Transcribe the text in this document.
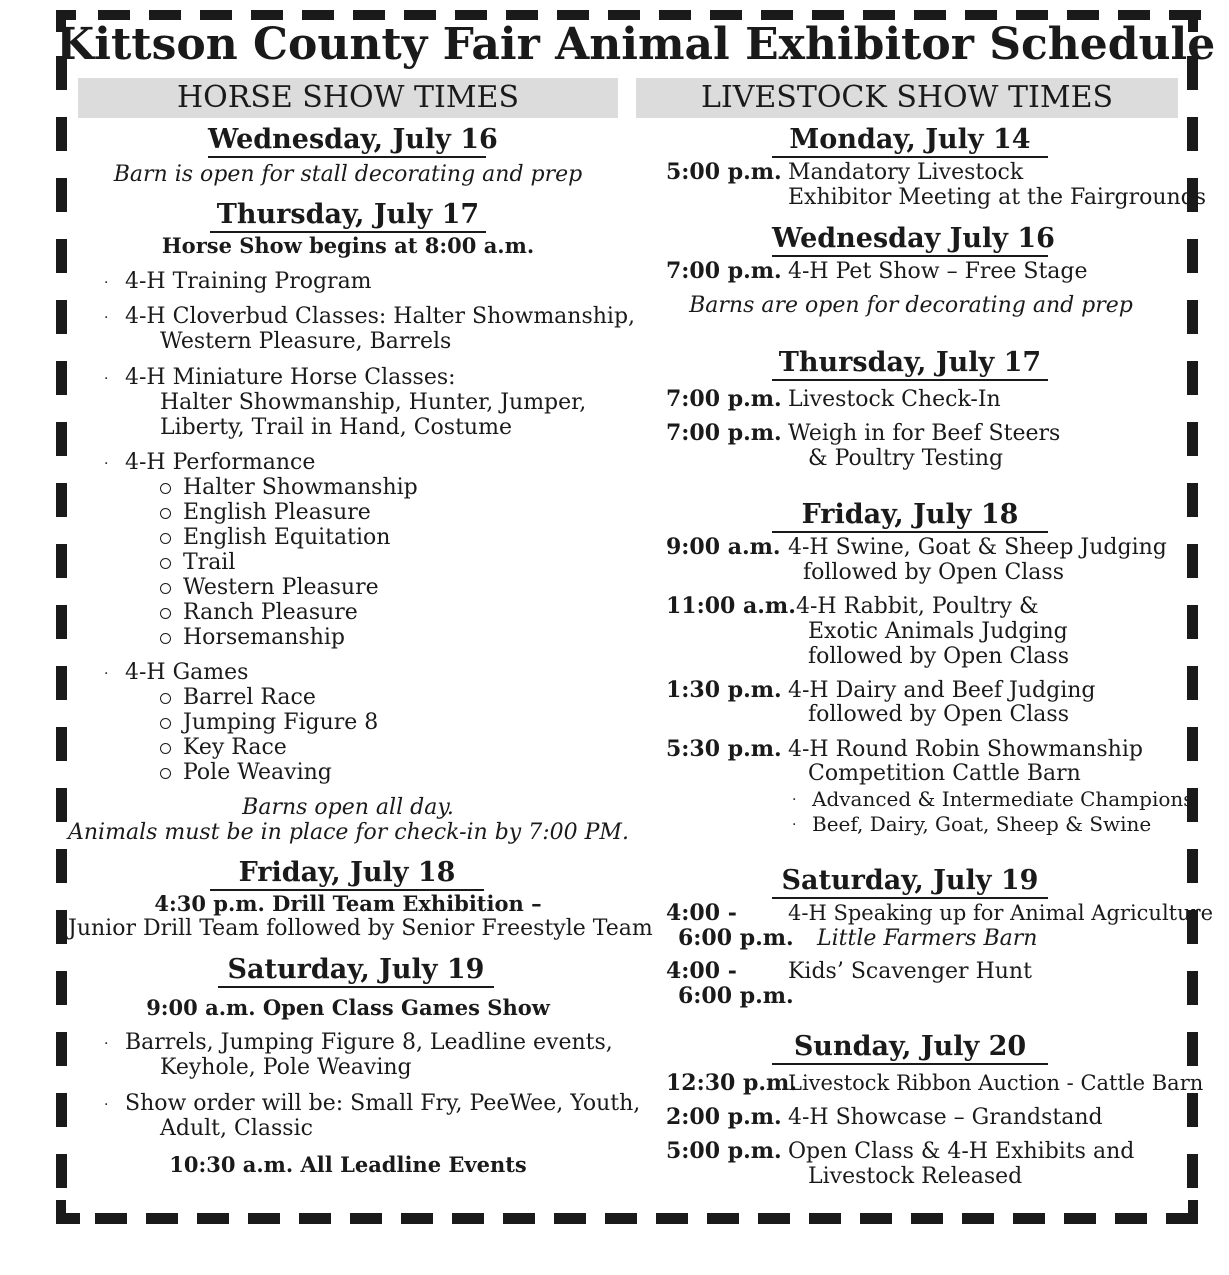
Kittson County Fair Animal Exhibitor Schedule
HORSE SHOW TIMES	LIVESTOCK SHOW TIMES
Wednesday, July 16
Barn is open for stall decorating and prep
Thursday, July 17
Horse Show begins at 8:00 a.m.
· 4-H Training Program
· 4-H Cloverbud Classes: Halter Showmanship,
Western Pleasure, Barrels
· 4-H Miniature Horse Classes:
Halter Showmanship, Hunter, Jumper,
Liberty, Trail in Hand, Costume
· 4-H Performance
Halter Showmanship
English Pleasure
English Equitation
Trail
Western Pleasure
Ranch Pleasure
Horsemanship
· 4-H Games
Barrel Race
Jumping Figure 8
Key Race
Pole Weaving
Barns open all day.
Animals must be in place for check-in by 7:00 PM.
Friday, July 18
4:30 p.m. Drill Team Exhibition –
Junior Drill Team followed by Senior Freestyle Team
Saturday, July 19
9:00 a.m. Open Class Games Show
· Barrels, Jumping Figure 8, Leadline events,
Keyhole, Pole Weaving
· Show order will be: Small Fry, PeeWee, Youth,
Adult, Classic
10:30 a.m. All Leadline Events
Monday, July 14
5:00 p.m. Mandatory Livestock
Exhibitor Meeting at the Fairgrounds
Wednesday July 16
7:00 p.m. 4-H Pet Show – Free Stage
Barns are open for decorating and prep
Thursday, July 17
7:00 p.m. Livestock Check-In
7:00 p.m. Weigh in for Beef Steers
& Poultry Testing
Friday, July 18
9:00 a.m. 4-H Swine, Goat & Sheep Judging
followed by Open Class
11:00 a.m. 4-H Rabbit, Poultry &
Exotic Animals Judging
followed by Open Class
1:30 p.m. 4-H Dairy and Beef Judging
followed by Open Class
5:30 p.m. 4-H Round Robin Showmanship
Competition Cattle Barn
· Advanced & Intermediate Champions
· Beef, Dairy, Goat, Sheep & Swine
Saturday, July 19
4:00 -
6:00 p.m.
4-H Speaking up for Animal Agriculture
Little Farmers Barn
4:00 -
6:00 p.m.
Kids’ Scavenger Hunt
Sunday, July 20
12:30 p.m.
Livestock Ribbon Auction - Cattle Barn
2:00 p.m. 4-H Showcase – Grandstand
5:00 p.m. Open Class & 4-H Exhibits and
Livestock Released
